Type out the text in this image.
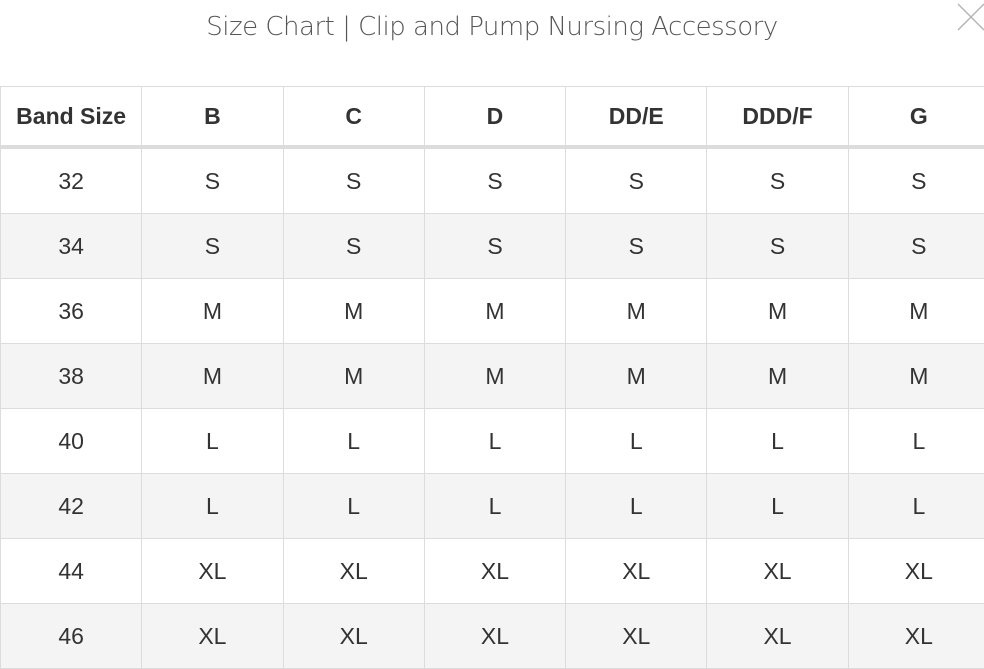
Size Chart | Clip and Pump Nursing Accessory
Band Size	B	C	D	DD/E	DDD/F	G
32	S	S	S	S	S	S
34	S	S	S	S	S	S
36	M	M	M	M	M	M
38	M	M	M	M	M	M
40	L	L	L	L	L	L
42	L	L	L	L	L	L
44	XL	XL	XL	XL	XL	XL
46	XL	XL	XL	XL	XL	XL
